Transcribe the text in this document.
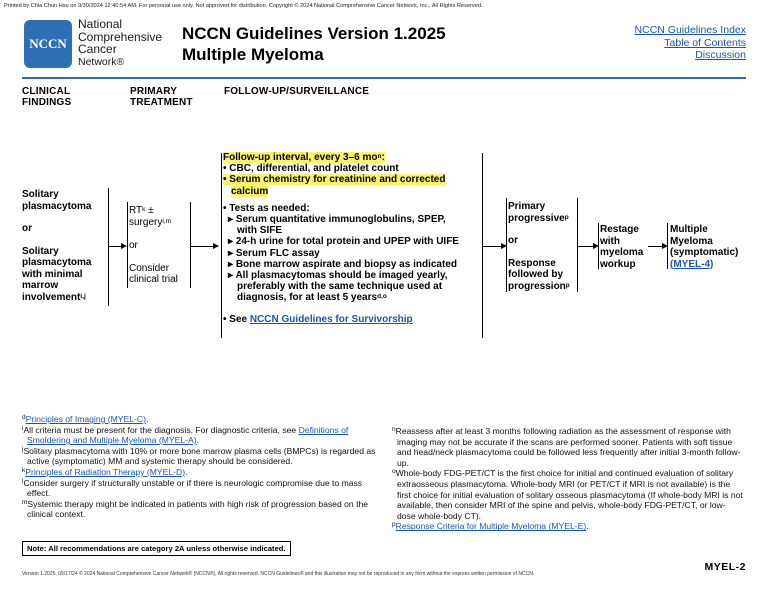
Printed by Chia Chun Hsu on 9/30/2024 12:40:54 AM. For personal use only. Not approved for distribution. Copyright © 2024 National Comprehensive Cancer Network, Inc., All Rights Reserved.
NCCN
National
Comprehensive
Cancer
Network®
NCCN Guidelines Version 1.2025
Multiple Myeloma
NCCN Guidelines Index
Table of Contents
Discussion
CLINICAL
FINDINGS
PRIMARY
TREATMENT
FOLLOW-UP/SURVEILLANCE
Solitary
plasmacytoma
or
Solitary
plasmacytoma
with minimal
marrow
involvement$^{i,j}$
$RT^k$ ±
surgery$^{l,m}$
or
Consider
clinical trial
Follow-up interval, every 3–6 $mo^n$:
• CBC, differential, and platelet count
• Serum chemistry for creatinine and corrected
calcium
• Tests as needed:
▸ Serum quantitative immunoglobulins, SPEP,
with SIFE
▸ 24-h urine for total protein and UPEP with UIFE
▸ Serum FLC assay
▸ Bone marrow aspirate and biopsy as indicated
▸ All plasmacytomas should be imaged yearly,
preferably with the same technique used at
diagnosis, for at least 5 years$^{d,o}$
• See NCCN Guidelines for Survivorship
Primary
progressive$^p$
or
Response
followed by
progression$^p$
Restage
with
myeloma
workup
Multiple
Myeloma
(symptomatic)
(MYEL-4)

$^d$Principles of Imaging (MYEL-C).

$^i$All criteria must be present for the diagnosis. For diagnostic criteria, see Definitions of Smoldering and Multiple Myeloma (MYEL-A).

$^j$Solitary plasmacytoma with 10% or more bone marrow plasma cells (BMPCs) is regarded as active (symptomatic) MM and systemic therapy should be considered.

$^k$Principles of Radiation Therapy (MYEL-D).

$^l$Consider surgery if structurally unstable or if there is neurologic compromise due to mass effect.

$^m$Systemic therapy might be indicated in patients with high risk of progression based on the clinical context.

$^n$Reassess after at least 3 months following radiation as the assessment of response with imaging may not be accurate if the scans are performed sooner. Patients with soft tissue and head/neck plasmacytoma could be followed less frequently after initial 3-month follow-up.

$^o$Whole-body FDG-PET/CT is the first choice for initial and continued evaluation of solitary extraosseous plasmacytoma. Whole-body MRI (or PET/CT if MRI is not available) is the first choice for initial evaluation of solitary osseous plasmacytoma (If whole-body MRI is not available, then consider MRI of the spine and pelvis, whole-body FDG-PET/CT, or low-dose whole-body CT).

$^p$Response Criteria for Multiple Myeloma (MYEL-E).

Note: All recommendations are category 2A unless otherwise indicated.
Version 1.2025, 09/17/24 © 2024 National Comprehensive Cancer Network® (NCCN®), All rights reserved. NCCN Guidelines® and this illustration may not be reproduced in any form without the express written permission of NCCN.
MYEL-2
